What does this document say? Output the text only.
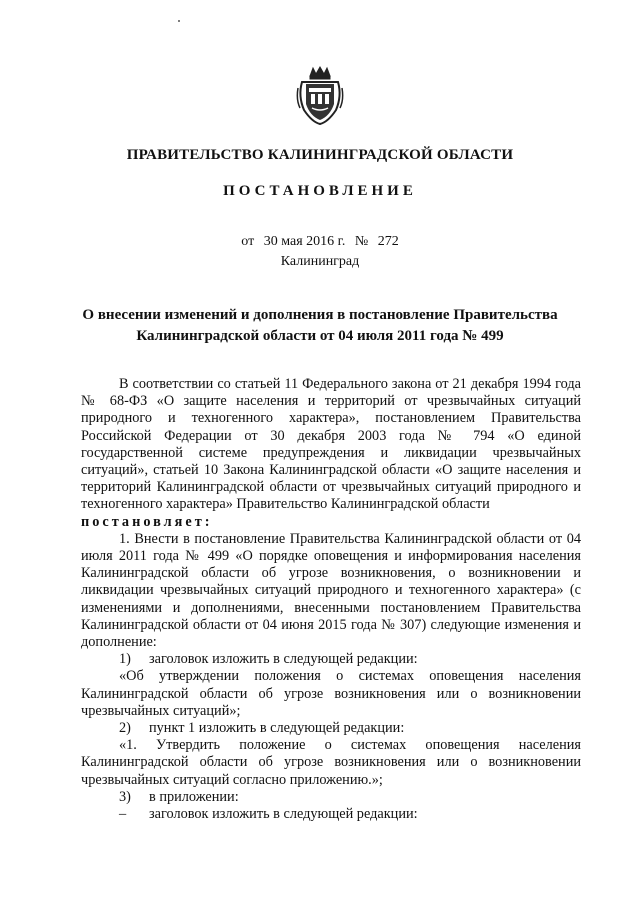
ПРАВИТЕЛЬСТВО КАЛИНИНГРАДСКОЙ ОБЛАСТИ
ПОСТАНОВЛЕНИЕ
от 30 мая 2016 г. № 272
Калининград
О внесении изменений и дополнения в постановление Правительства
Калининградской области от 04 июля 2011 года № 499

В соответствии со статьей 11 Федерального закона от 21 декабря 1994 года № 68-ФЗ «О защите населения и территорий от чрезвычайных ситуаций природного и техногенного характера», постановлением Правительства Российской Федерации от 30 декабря 2003 года № 794 «О единой государственной системе предупреждения и ликвидации чрезвычайных ситуаций», статьей 10 Закона Калининградской области «О защите населения и территорий Калининградской области от чрезвычайных ситуаций природного и техногенного характера» Правительство Калининградской области

постановляет:

1. Внести в постановление Правительства Калининградской области от 04 июля 2011 года № 499 «О порядке оповещения и информирования населения Калининградской области об угрозе возникновения, о возникновении и ликвидации чрезвычайных ситуаций природного и техногенного характера» (с изменениями и дополнениями, внесенными постановлением Правительства Калининградской области от 04 июня 2015 года № 307) следующие изменения и дополнение:

1) заголовок изложить в следующей редакции:

«Об утверждении положения о системах оповещения населения Калининградской области об угрозе возникновения или о возникновении чрезвычайных ситуаций»;

2) пункт 1 изложить в следующей редакции:

«1. Утвердить положение о системах оповещения населения Калининградской области об угрозе возникновения или о возникновении чрезвычайных ситуаций согласно приложению.»;

3) в приложении:

– заголовок изложить в следующей редакции:
